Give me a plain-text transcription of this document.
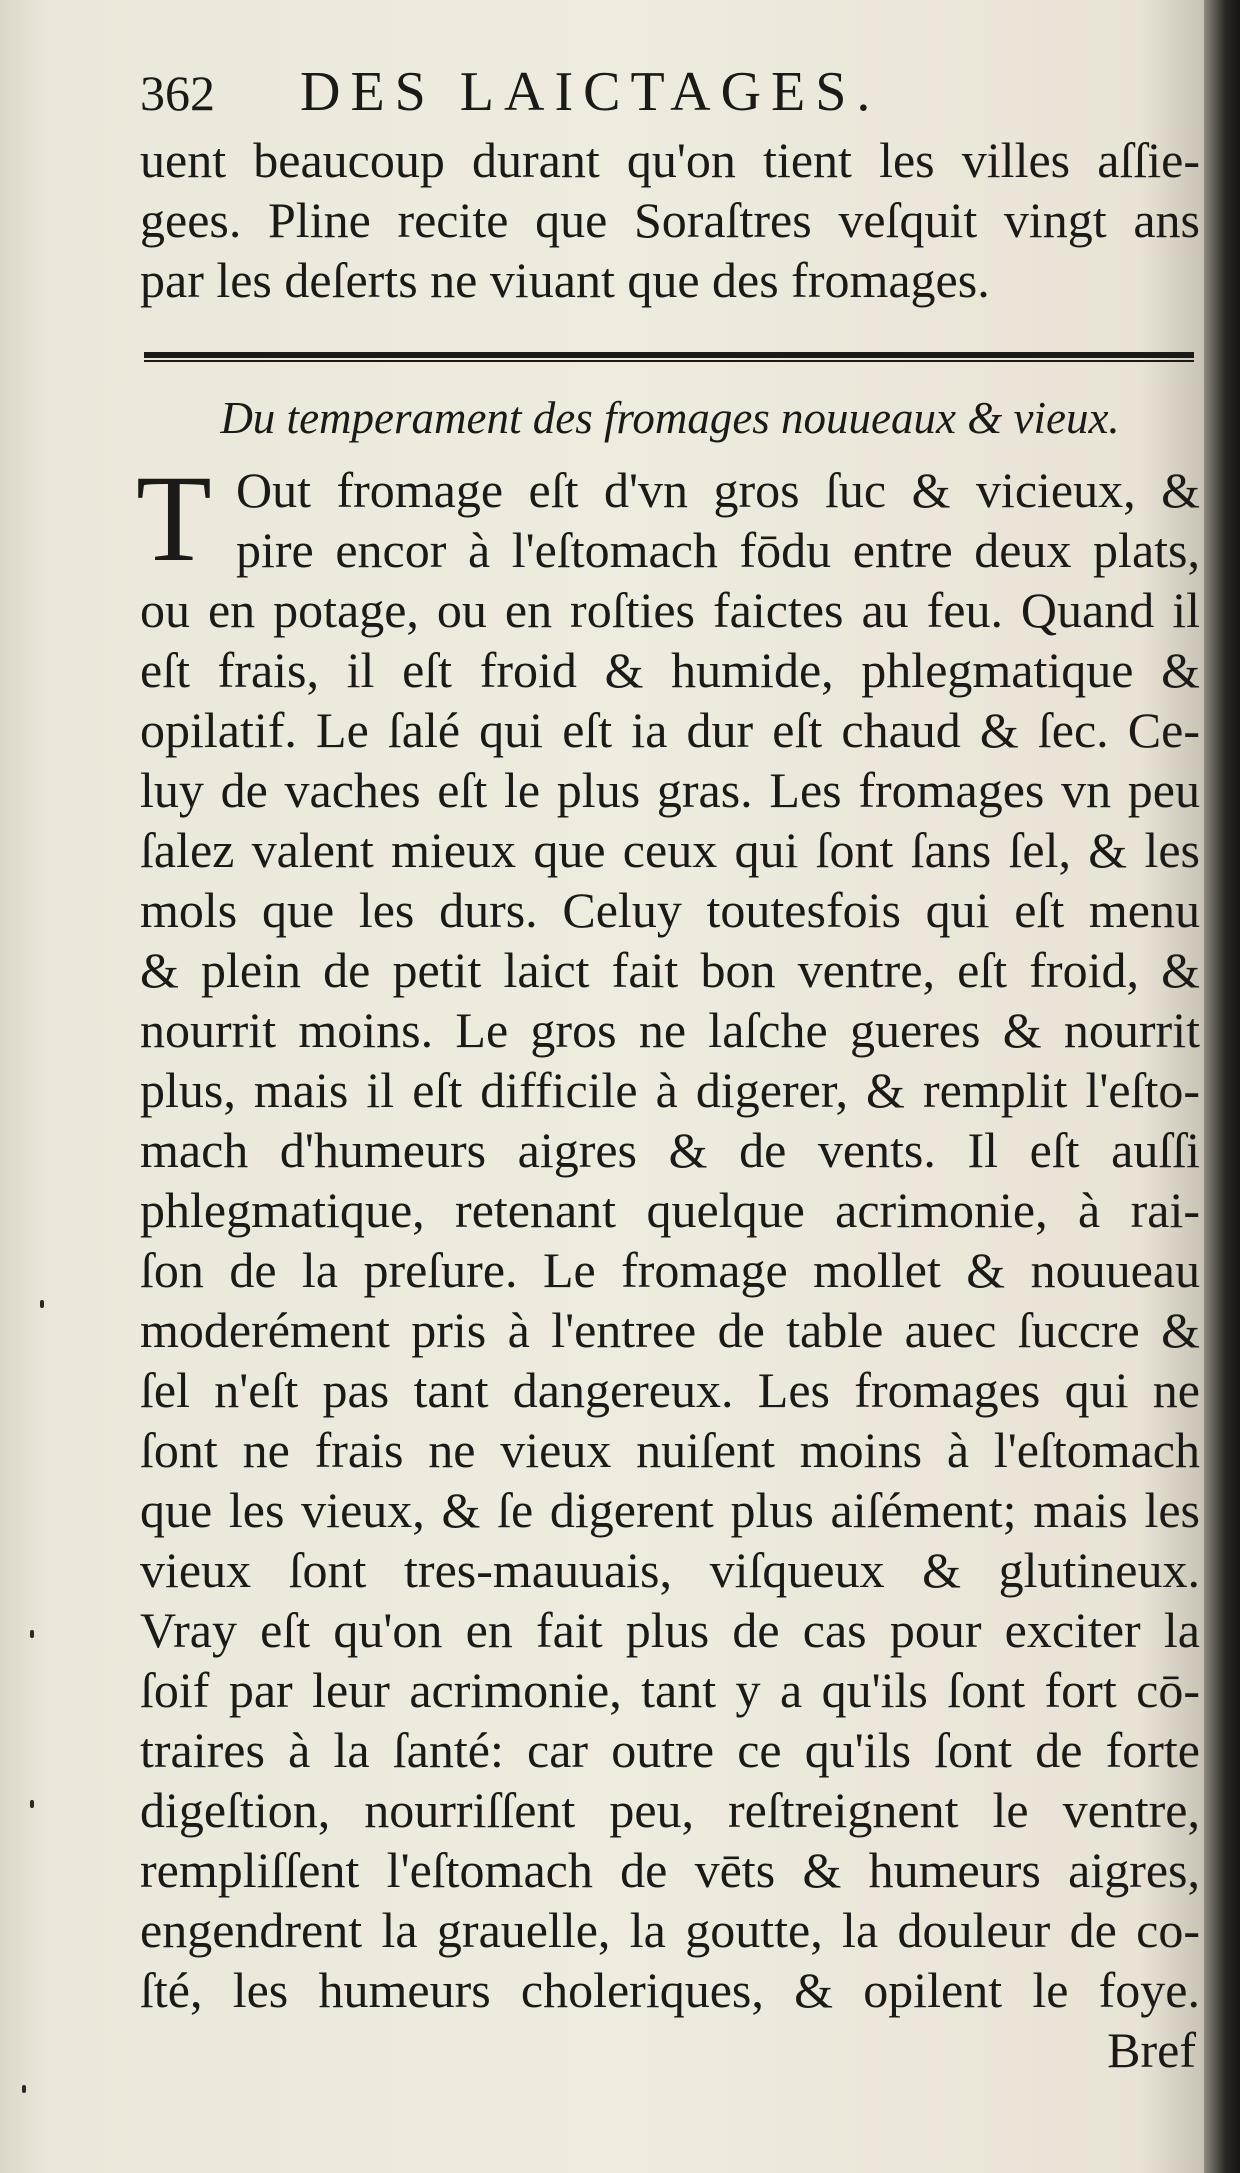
362	DES LAICTAGES.
uent beaucoup durant qu'on tient les villes aſſie-
gees. Pline recite que Soraſtres veſquit vingt ans
par les deſerts ne viuant que des fromages.
Du temperament des fromages nouueaux & vieux.
T Out fromage eſt d'vn gros ſuc & vicieux, &
pire encor à l'eſtomach fōdu entre deux plats,
ou en potage, ou en roſties faictes au feu. Quand il
eſt frais, il eſt froid & humide, phlegmatique &
opilatif. Le ſalé qui eſt ia dur eſt chaud & ſec. Ce-
luy de vaches eſt le plus gras. Les fromages vn peu
ſalez valent mieux que ceux qui ſont ſans ſel, & les
mols que les durs. Celuy toutesfois qui eſt menu
& plein de petit laict fait bon ventre, eſt froid, &
nourrit moins. Le gros ne laſche gueres & nourrit
plus, mais il eſt difficile à digerer, & remplit l'eſto-
mach d'humeurs aigres & de vents. Il eſt auſſi
phlegmatique, retenant quelque acrimonie, à rai-
ſon de la preſure. Le fromage mollet & nouueau
moderément pris à l'entree de table auec ſuccre &
ſel n'eſt pas tant dangereux. Les fromages qui ne
ſont ne frais ne vieux nuiſent moins à l'eſtomach
que les vieux, & ſe digerent plus aiſément; mais les
vieux ſont tres-mauuais, viſqueux & glutineux.
Vray eſt qu'on en fait plus de cas pour exciter la
ſoif par leur acrimonie, tant y a qu'ils ſont fort cō-
traires à la ſanté: car outre ce qu'ils ſont de forte
digeſtion, nourriſſent peu, reſtreignent le ventre,
rempliſſent l'eſtomach de vēts & humeurs aigres,
engendrent la grauelle, la goutte, la douleur de co-
ſté, les humeurs choleriques, & opilent le foye.
Bref
